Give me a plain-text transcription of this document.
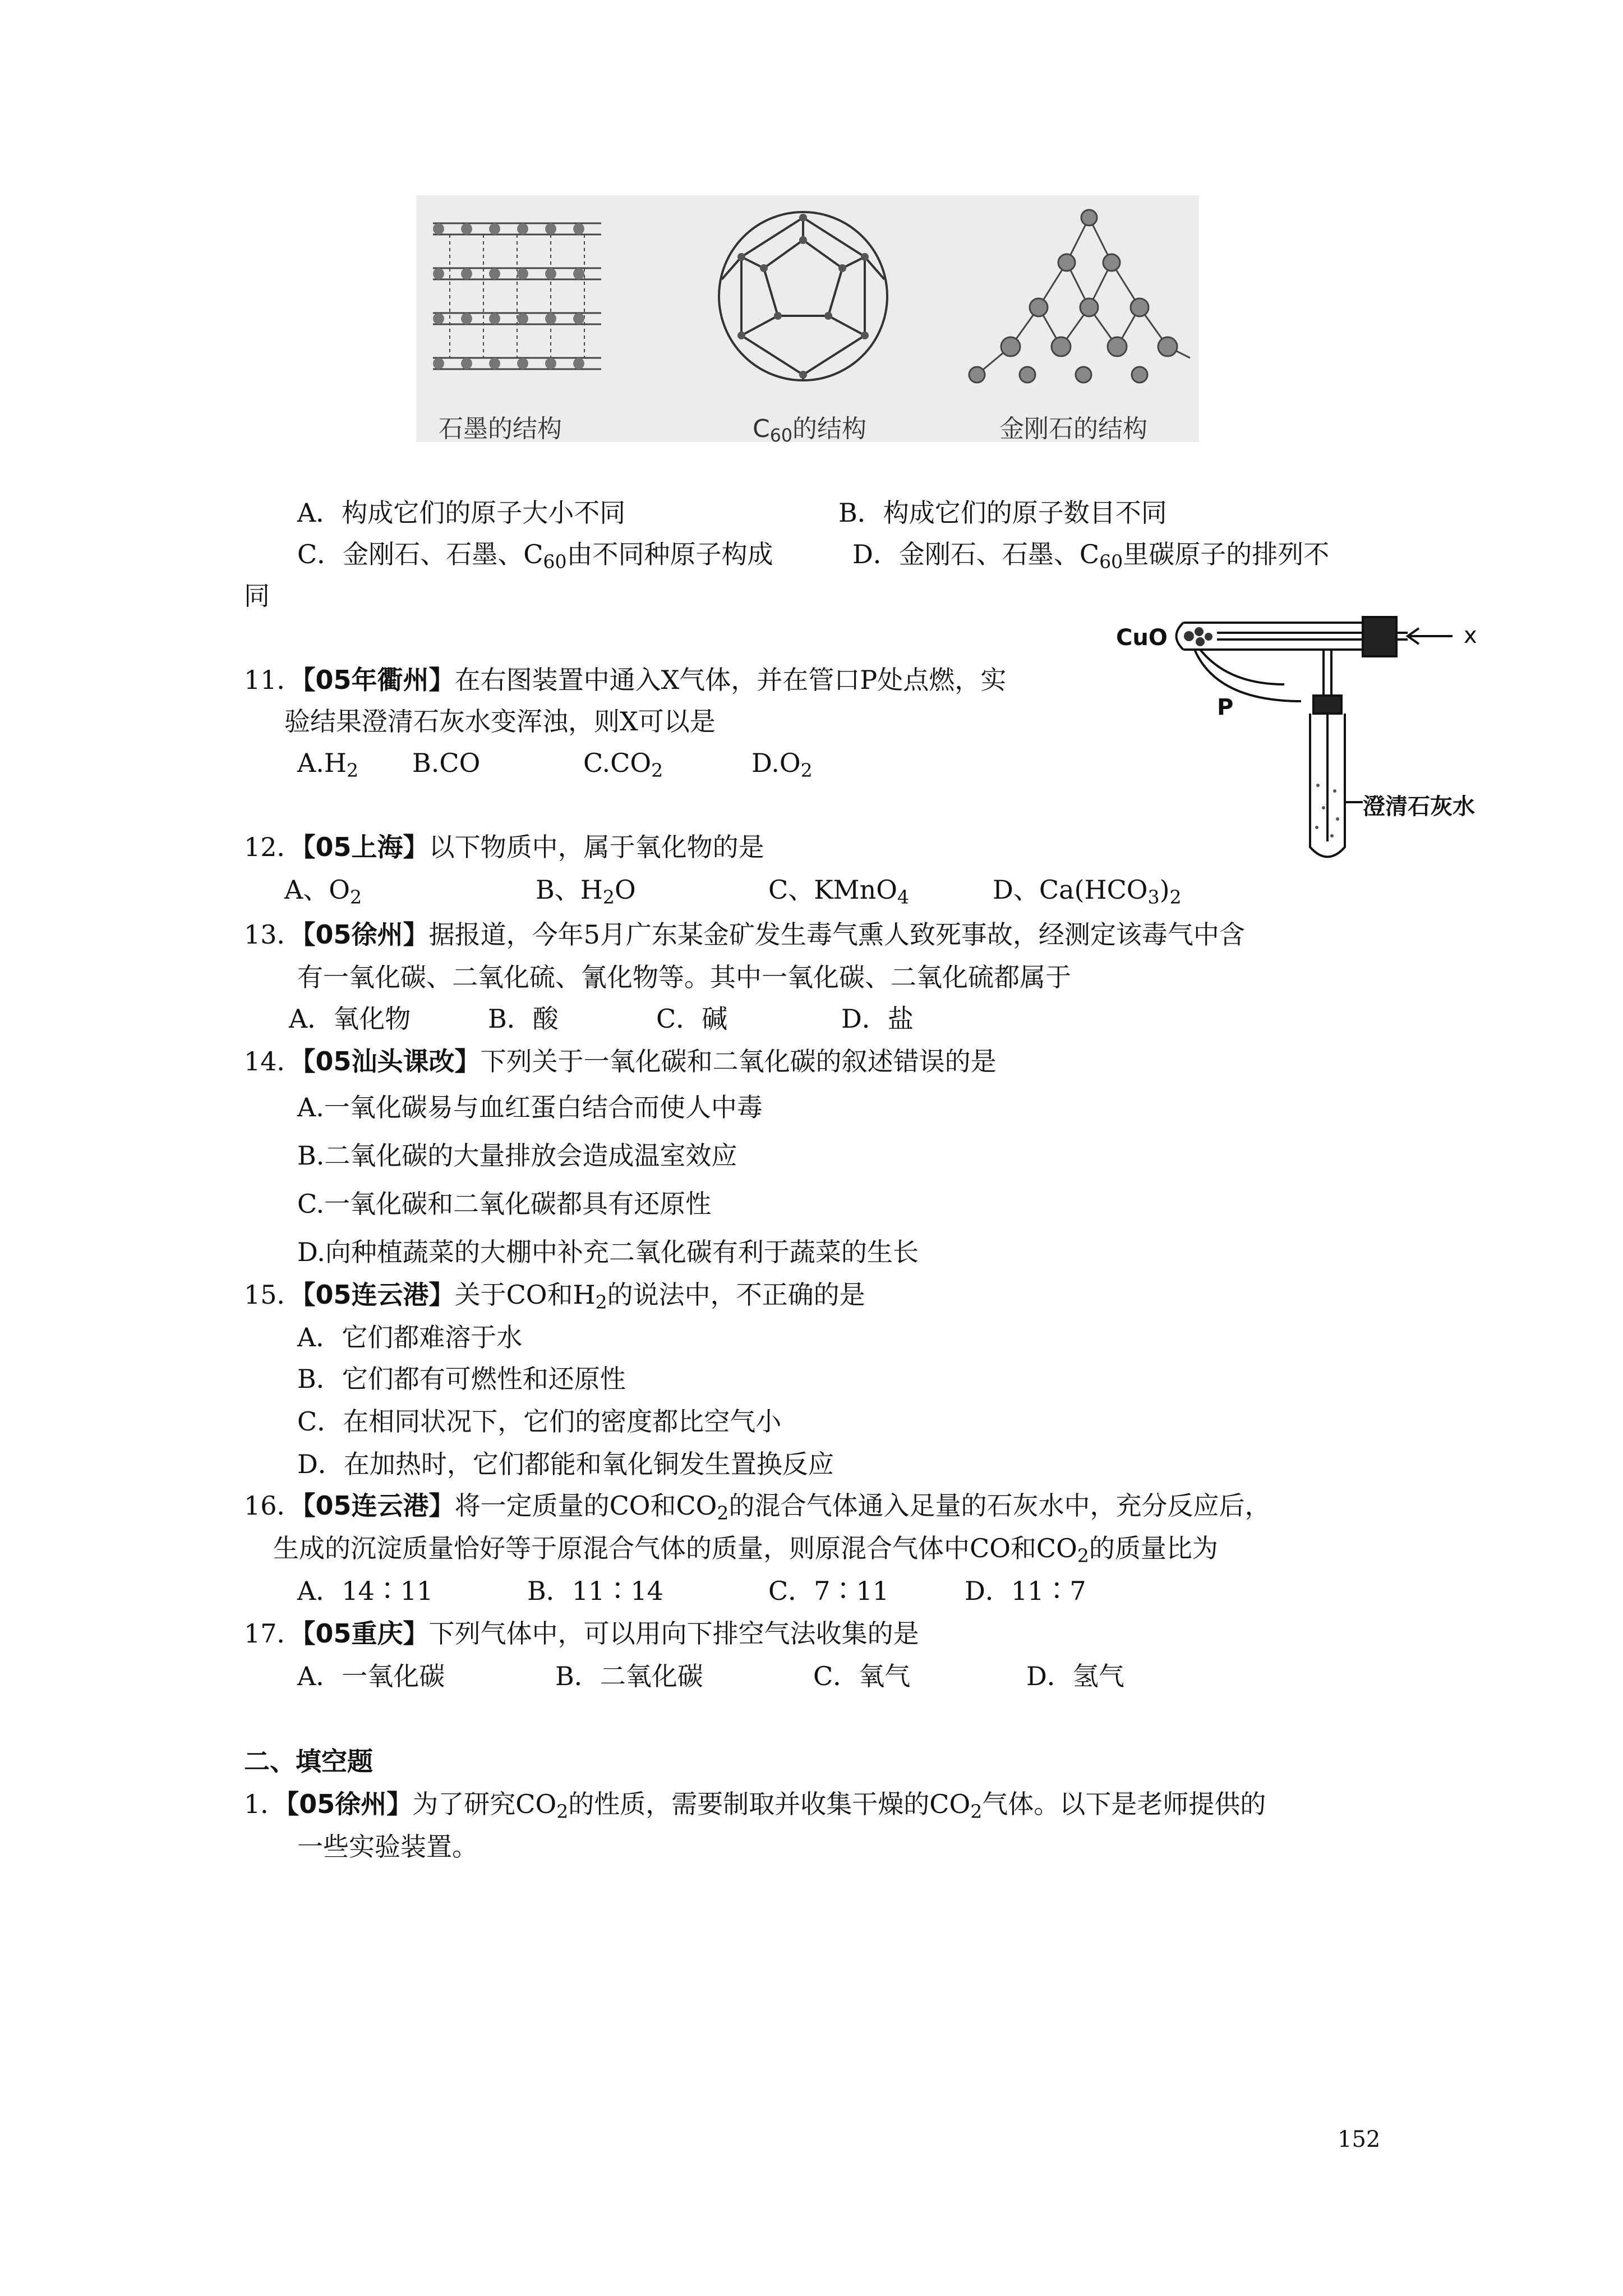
石墨的结构	$C_{60}$的结构	金刚石的结构
A．构成它们的原子大小不同	B．构成它们的原子数目不同
C．金刚石、石墨、$C_{60}$由不同种原子构成	D．金刚石、石墨、$C_{60}$里碳原子的排列不
同
CuO	x
P
澄清石灰水
11．【05年衢州】在右图装置中通入X气体，并在管口P处点燃，实
验结果澄清石灰水变浑浊，则X可以是
$A.H_2$ B.CO	$C.CO_2$	$D.O_2$
12．【05上海】以下物质中，属于氧化物的是
A、$O_2$	B、$H_2O$	C、KMnO$_4$	D、$Ca(HCO_3)_2$
13．【05徐州】据报道，今年5月广东某金矿发生毒气熏人致死事故，经测定该毒气中含
有一氧化碳、二氧化硫、氰化物等。其中一氧化碳、二氧化硫都属于
A．氧化物	B．酸	C．碱	D．盐
14．【05汕头课改】下列关于一氧化碳和二氧化碳的叙述错误的是
A.一氧化碳易与血红蛋白结合而使人中毒
B.二氧化碳的大量排放会造成温室效应
C.一氧化碳和二氧化碳都具有还原性
D.向种植蔬菜的大棚中补充二氧化碳有利于蔬菜的生长
15．【05连云港】关于CO和$H_2$的说法中，不正确的是
A．它们都难溶于水
B．它们都有可燃性和还原性
C．在相同状况下，它们的密度都比空气小
D．在加热时，它们都能和氧化铜发生置换反应
16．【05连云港】将一定质量的CO和$CO_2$的混合气体通入足量的石灰水中，充分反应后，
生成的沉淀质量恰好等于原混合气体的质量，则原混合气体中CO和$CO_2$的质量比为
A．14∶11	B．11∶14	C．7∶11	D．11∶7
17．【05重庆】下列气体中，可以用向下排空气法收集的是
A．一氧化碳	B．二氧化碳	C．氧气	D．氢气
二、填空题
1．【05徐州】为了研究$CO_2$的性质，需要制取并收集干燥的$CO_2$气体。以下是老师提供的
一些实验装置。
152
